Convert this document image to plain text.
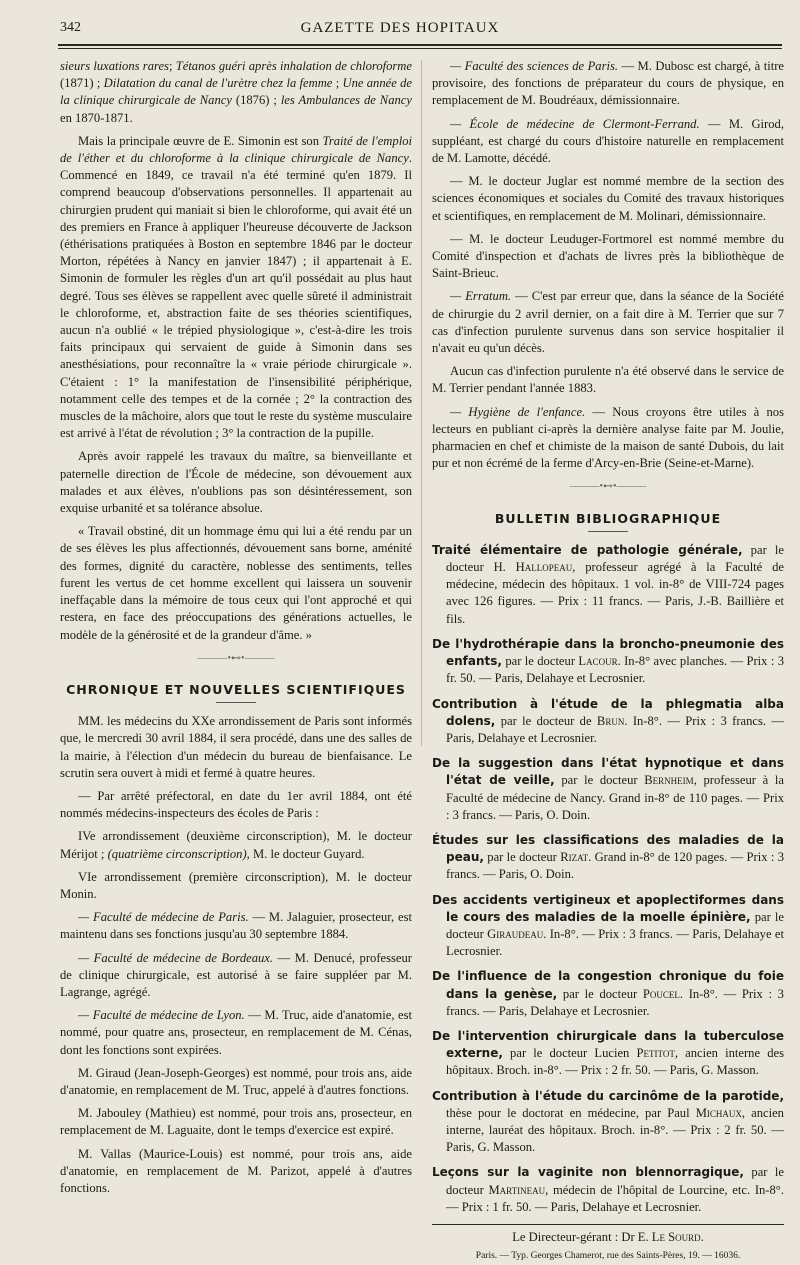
342	GAZETTE DES HOPITAUX

sieurs luxations rares; Tétanos guéri après inhalation de chloroforme (1871) ; Dilatation du canal de l'urètre chez la femme ; Une année de la clinique chirurgicale de Nancy (1876) ; les Ambulances de Nancy en 1870-1871.

Mais la principale œuvre de E. Simonin est son Traité de l'emploi de l'éther et du chloroforme à la clinique chirurgicale de Nancy. Commencé en 1849, ce travail n'a été terminé qu'en 1879. Il comprend beaucoup d'observations personnelles. Il appartenait au chirurgien prudent qui maniait si bien le chloroforme, qui avait été un des premiers en France à appliquer l'heureuse découverte de Jackson (éthérisations pratiquées à Boston en septembre 1846 par le docteur Morton, répétées à Nancy en janvier 1847) ; il appartenait à E. Simonin de formuler les règles d'un art qu'il possédait au plus haut degré. Tous ses élèves se rappellent avec quelle sûreté il administrait le chloroforme, et, abstraction faite de ses théories scientifiques, aucun n'a oublié « le trépied physiologique », c'est-à-dire les trois faits principaux qui servaient de guide à Simonin dans ses anesthésiations, pour reconnaître la « vraie période chirurgicale ». C'étaient : 1° la manifestation de l'insensibilité périphérique, notamment celle des tempes et de la cornée ; 2° la contraction des muscles de la mâchoire, alors que tout le reste du système musculaire est arrivé à l'état de révolution ; 3° la contraction de la pupille.

Après avoir rappelé les travaux du maître, sa bienveillante et paternelle direction de l'École de médecine, son dévouement aux malades et aux élèves, n'oublions pas son désintéressement, son exquise urbanité et sa tolérance absolue.

« Travail obstiné, dit un hommage ému qui lui a été rendu par un de ses élèves les plus affectionnés, dévouement sans borne, aménité des formes, dignité du caractère, noblesse des sentiments, telles furent les vertus de cet homme excellent qui laissera un souvenir ineffaçable dans la mémoire de tous ceux qui l'ont approché et qui restera, en face des préoccupations des générations actuelles, le modèle de la générosité et de la grandeur d'âme. »

———•⊷•———
CHRONIQUE ET NOUVELLES SCIENTIFIQUES

MM. les médecins du XXe arrondissement de Paris sont informés que, le mercredi 30 avril 1884, il sera procédé, dans une des salles de la mairie, à l'élection d'un médecin du bureau de bienfaisance. Le scrutin sera ouvert à midi et fermé à quatre heures.

— Par arrêté préfectoral, en date du 1er avril 1884, ont été nommés médecins-inspecteurs des écoles de Paris :

IVe arrondissement (deuxième circonscription), M. le docteur Mérijot ; (quatrième circonscription), M. le docteur Guyard.

VIe arrondissement (première circonscription), M. le docteur Monin.

— Faculté de médecine de Paris. — M. Jalaguier, prosecteur, est maintenu dans ses fonctions jusqu'au 30 septembre 1884.

— Faculté de médecine de Bordeaux. — M. Denucé, professeur de clinique chirurgicale, est autorisé à se faire suppléer par M. Lagrange, agrégé.

— Faculté de médecine de Lyon. — M. Truc, aide d'anatomie, est nommé, pour quatre ans, prosecteur, en remplacement de M. Cénas, dont les fonctions sont expirées.

M. Giraud (Jean-Joseph-Georges) est nommé, pour trois ans, aide d'anatomie, en remplacement de M. Truc, appelé à d'autres fonctions.

M. Jabouley (Mathieu) est nommé, pour trois ans, prosecteur, en remplacement de M. Laguaite, dont le temps d'exercice est expiré.

M. Vallas (Maurice-Louis) est nommé, pour trois ans, aide d'anatomie, en remplacement de M. Parizot, appelé à d'autres fonctions.

— Faculté des sciences de Paris. — M. Dubosc est chargé, à titre provisoire, des fonctions de préparateur du cours de physique, en remplacement de M. Boudréaux, démissionnaire.

— École de médecine de Clermont-Ferrand. — M. Girod, suppléant, est chargé du cours d'histoire naturelle en remplacement de M. Lamotte, décédé.

— M. le docteur Juglar est nommé membre de la section des sciences économiques et sociales du Comité des travaux historiques et scientifiques, en remplacement de M. Molinari, démissionnaire.

— M. le docteur Leuduger-Fortmorel est nommé membre du Comité d'inspection et d'achats de livres près la bibliothèque de Saint-Brieuc.

— Erratum. — C'est par erreur que, dans la séance de la Société de chirurgie du 2 avril dernier, on a fait dire à M. Terrier que sur 7 cas d'infection purulente survenus dans son service hospitalier il n'avait eu qu'un décès.

Aucun cas d'infection purulente n'a été observé dans le service de M. Terrier pendant l'année 1883.

— Hygiène de l'enfance. — Nous croyons être utiles à nos lecteurs en publiant ci-après la dernière analyse faite par M. Joulie, pharmacien en chef et chimiste de la maison de santé Dubois, du lait pur et non écrémé de la ferme d'Arcy-en-Brie (Seine-et-Marne).

———•⊷•———
BULLETIN BIBLIOGRAPHIQUE

Traité élémentaire de pathologie générale, par le docteur H. Hallopeau, professeur agrégé à la Faculté de médecine, médecin des hôpitaux. 1 vol. in-8° de VIII-724 pages avec 126 figures. — Prix : 11 francs. — Paris, J.-B. Baillière et fils.

De l'hydrothérapie dans la broncho-pneumonie des enfants, par le docteur Lacour. In-8° avec planches. — Prix : 3 fr. 50. — Paris, Delahaye et Lecrosnier.

Contribution à l'étude de la phlegmatia alba dolens, par le docteur de Brun. In-8°. — Prix : 3 francs. — Paris, Delahaye et Lecrosnier.

De la suggestion dans l'état hypnotique et dans l'état de veille, par le docteur Bernheim, professeur à la Faculté de médecine de Nancy. Grand in-8° de 110 pages. — Prix : 3 francs. — Paris, O. Doin.

Études sur les classifications des maladies de la peau, par le docteur Rizat. Grand in-8° de 120 pages. — Prix : 3 francs. — Paris, O. Doin.

Des accidents vertigineux et apoplectiformes dans le cours des maladies de la moelle épinière, par le docteur Giraudeau. In-8°. — Prix : 3 francs. — Paris, Delahaye et Lecrosnier.

De l'influence de la congestion chronique du foie dans la genèse, par le docteur Poucel. In-8°. — Prix : 3 francs. — Paris, Delahaye et Lecrosnier.

De l'intervention chirurgicale dans la tuberculose externe, par le docteur Lucien Petitot, ancien interne des hôpitaux. Broch. in-8°. — Prix : 2 fr. 50. — Paris, G. Masson.

Contribution à l'étude du carcinôme de la parotide, thèse pour le doctorat en médecine, par Paul Michaux, ancien interne, lauréat des hôpitaux. Broch. in-8°. — Prix : 2 fr. 50. — Paris, G. Masson.

Leçons sur la vaginite non blennorragique, par le docteur Martineau, médecin de l'hôpital de Lourcine, etc. In-8°. — Prix : 1 fr. 50. — Paris, Delahaye et Lecrosnier.

Le Directeur-gérant : Dr E. Le Sourd.
Paris. — Typ. Georges Chamerot, rue des Saints-Pères, 19. — 16036.
